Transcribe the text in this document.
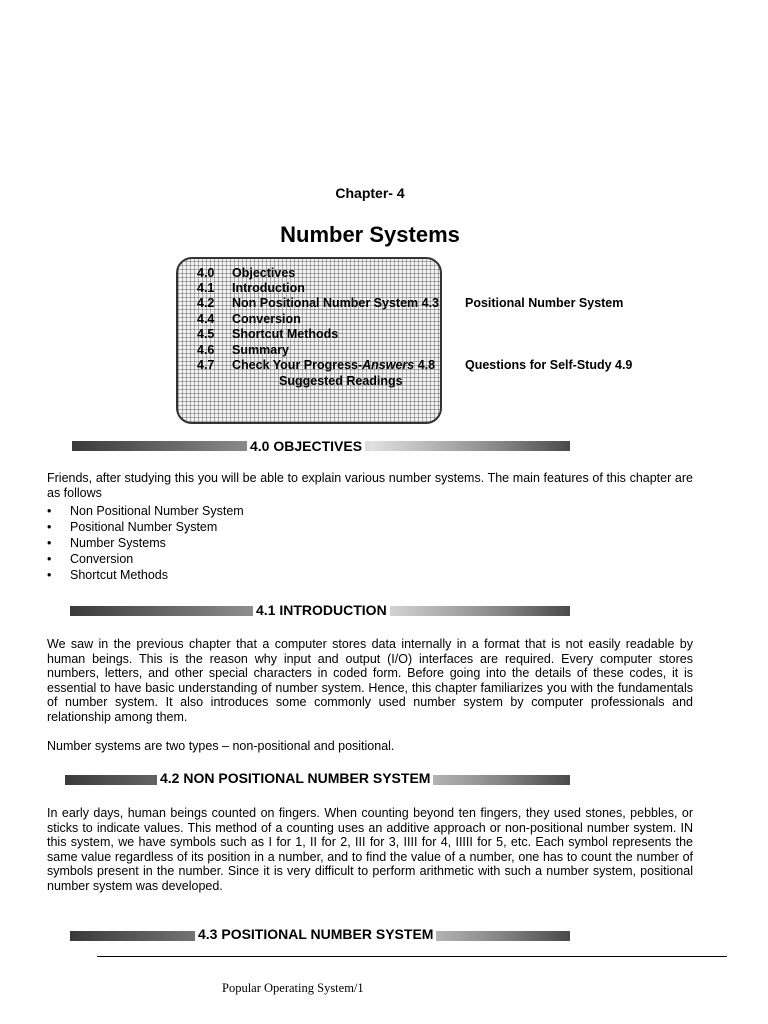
Chapter- 4
Number Systems
4.0 Objectives
4.1 Introduction
4.2 Non Positional Number System 4.3 Positional Number System
4.4 Conversion
4.5 Shortcut Methods
4.6 Summary
4.7 Check Your Progress-Answers 4.8 Questions for Self-Study 4.9
Suggested Readings
4.0 OBJECTIVES
Friends, after studying this you will be able to explain various number systems. The main features of this chapter are as follows
• Non Positional Number System
• Positional Number System
• Number Systems
• Conversion
• Shortcut Methods
4.1 INTRODUCTION
We saw in the previous chapter that a computer stores data internally in a format that is not easily readable by human beings. This is the reason why input and output (I/O) interfaces are required. Every computer stores numbers, letters, and other special characters in coded form. Before going into the details of these codes, it is essential to have basic understanding of number system. Hence, this chapter familiarizes you with the fundamentals of number system. It also introduces some commonly used number system by computer professionals and relationship among them.
Number systems are two types – non-positional and positional.
4.2 NON POSITIONAL NUMBER SYSTEM
In early days, human beings counted on fingers. When counting beyond ten fingers, they used stones, pebbles, or sticks to indicate values. This method of a counting uses an additive approach or non-positional number system. IN this system, we have symbols such as I for 1, II for 2, III for 3, IIII for 4, IIIII for 5, etc. Each symbol represents the same value regardless of its position in a number, and to find the value of a number, one has to count the number of symbols present in the number. Since it is very difficult to perform arithmetic with such a number system, positional number system was developed.
4.3 POSITIONAL NUMBER SYSTEM
Popular Operating System/1
